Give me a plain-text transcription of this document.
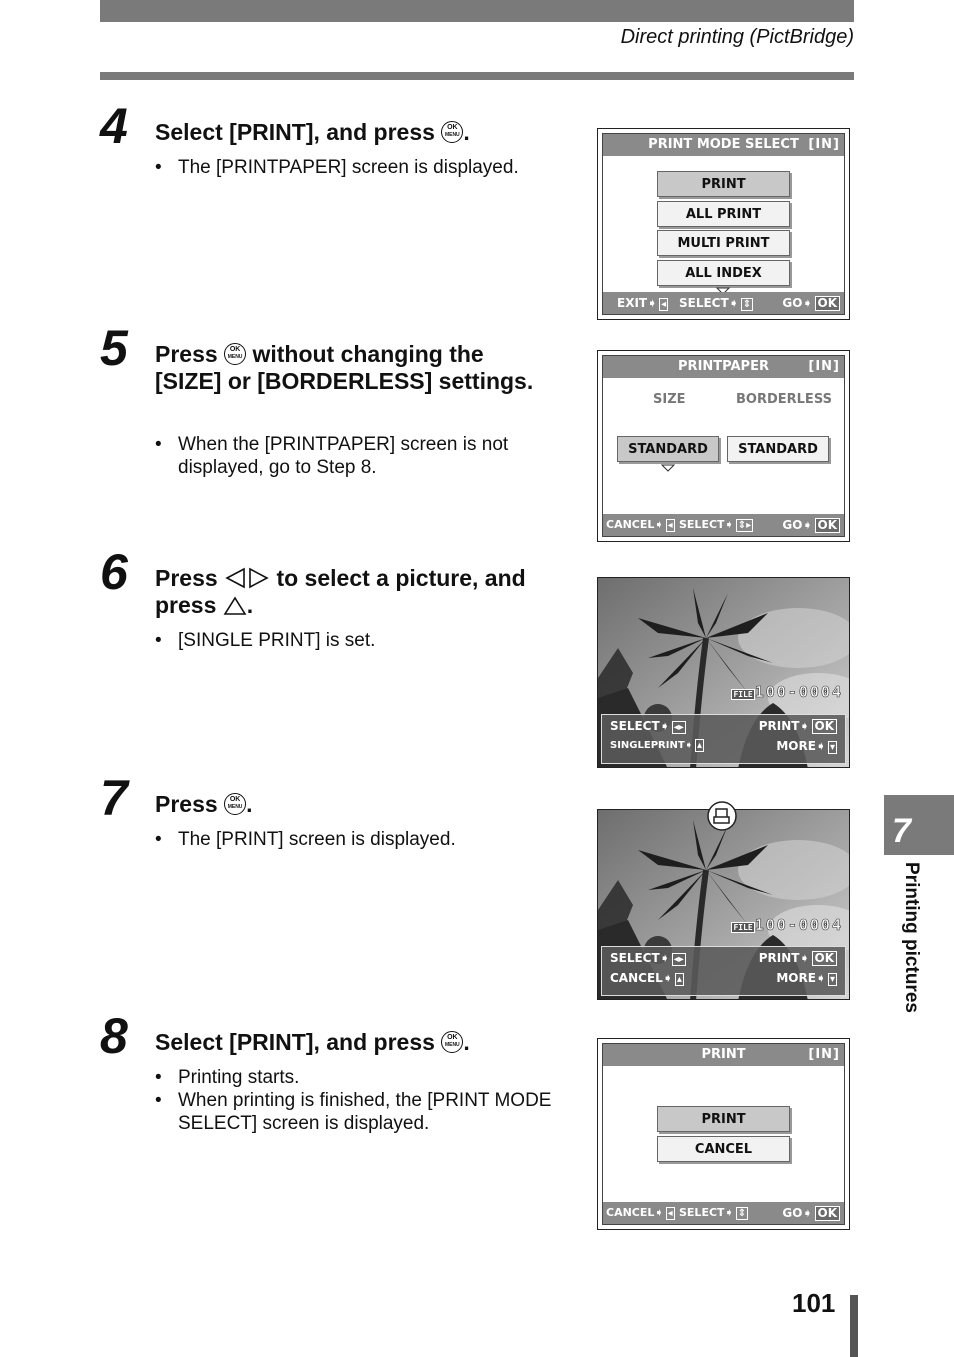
Direct printing (PictBridge)
4 Select [PRINT], and press OK MENU .
• The [PRINTPAPER] screen is displayed.
5 Press OK MENU without changing the [SIZE] or [BORDERLESS] settings.
• When the [PRINTPAPER] screen is not displayed, go to Step 8.
6 Press	to select a picture, and press .
• [SINGLE PRINT] is set.
7 Press OK MENU .
• The [PRINT] screen is displayed.
8 Select [PRINT], and press OK MENU .
• Printing starts.
• When printing is finished, the [PRINT MODE SELECT] screen is displayed.
PRINT MODE SELECT [IN]
PRINT
ALL PRINT
MULTI PRINT
ALL INDEX
EXIT➧ ◂ SELECT➧ ⇕	GO➧ OK
PRINTPAPER	[IN]
SIZE	BORDERLESS
STANDARD	STANDARD
CANCEL➧ ◂ SELECT➧ ⇕▸	GO➧ OK
FILE 100-0004
SELECT➧ ◂▸	PRINT➧ OK
SINGLEPRINT➧ ▴	MORE➧ ▾
FILE 100-0004
SELECT➧ ◂▸	PRINT➧ OK
CANCEL➧ ▴	MORE➧ ▾
PRINT	[IN]
PRINT
CANCEL
CANCEL➧ ◂ SELECT➧ ⇕	GO➧ OK
7
Printing pictures
101
